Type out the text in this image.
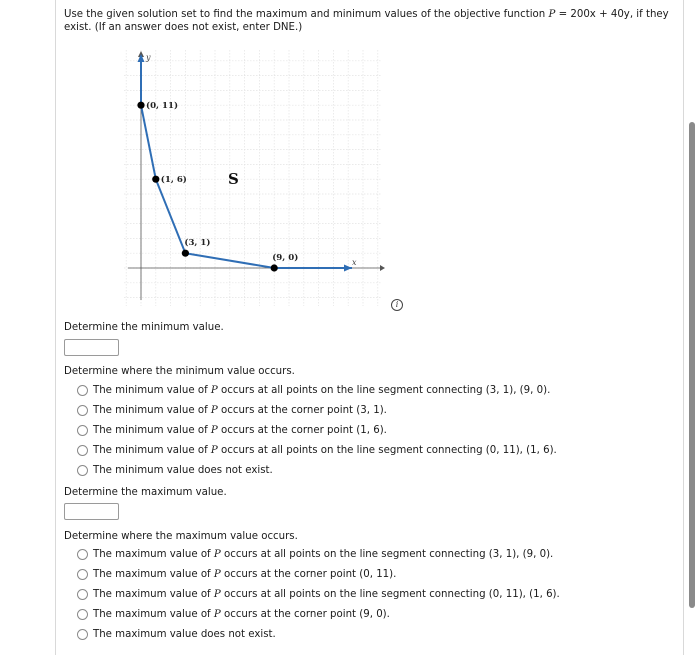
Use the given solution set to find the maximum and minimum values of the objective function P = 200x + 40y, if they exist. (If an answer does not exist, enter DNE.)
x
y
(0, 11)
(1, 6)
(3, 1)
(9, 0)
S
i
Determine the minimum value.
Determine where the minimum value occurs.
The minimum value of P occurs at all points on the line segment connecting (3, 1), (9, 0).
The minimum value of P occurs at the corner point (3, 1).
The minimum value of P occurs at the corner point (1, 6).
The minimum value of P occurs at all points on the line segment connecting (0, 11), (1, 6).
The minimum value does not exist.
Determine the maximum value.
Determine where the maximum value occurs.
The maximum value of P occurs at all points on the line segment connecting (3, 1), (9, 0).
The maximum value of P occurs at the corner point (0, 11).
The maximum value of P occurs at all points on the line segment connecting (0, 11), (1, 6).
The maximum value of P occurs at the corner point (9, 0).
The maximum value does not exist.
